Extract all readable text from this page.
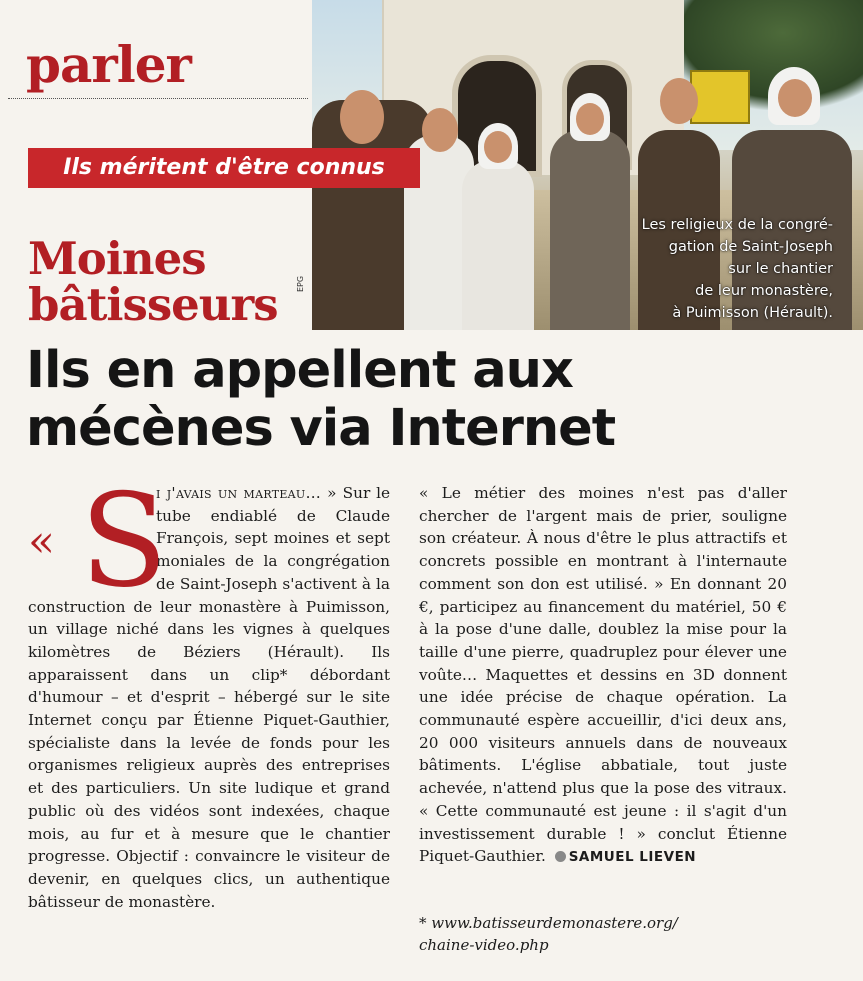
parler
Les religieux de la congré-
gation de Saint-Joseph
sur le chantier
de leur monastère,
à Puimisson (Hérault).
EPG
Ils méritent d'être connus
Moines
bâtisseurs
Ils en appellent aux
mécènes via Internet
« S

i j'avais un marteau… » Sur le tube endiablé de Claude François, sept moines et sept moniales de la congrégation de Saint-Joseph s'activent à la construction de leur monastère à Puimisson, un village niché dans les vignes à quelques kilomètres de Béziers (Hérault). Ils apparaissent dans un clip* débordant d'humour – et d'esprit – hébergé sur le site Internet conçu par Étienne Piquet-Gauthier, spécialiste dans la levée de fonds pour les organismes religieux auprès des entreprises et des particuliers. Un site ludique et grand public où des vidéos sont indexées, chaque mois, au fur et à mesure que le chantier progresse. Objectif : convaincre le visiteur de devenir, en quelques clics, un authentique bâtisseur de monastère.

« Le métier des moines n'est pas d'aller chercher de l'argent mais de prier, souligne son créateur. À nous d'être le plus attractifs et concrets possible en montrant à l'internaute comment son don est utilisé. » En donnant 20 €, participez au financement du matériel, 50 € à la pose d'une dalle, doublez la mise pour la taille d'une pierre, quadruplez pour élever une voûte… Maquettes et dessins en 3D donnent une idée précise de chaque opération. La communauté espère accueillir, d'ici deux ans, 20 000 visiteurs annuels dans de nouveaux bâtiments. L'église abbatiale, tout juste achevée, n'attend plus que la pose des vitraux. « Cette communauté est jeune : il s'agit d'un investissement durable ! » conclut Étienne Piquet-Gauthier. SAMUEL LIEVEN

* www.batisseurdemonastere.org/
chaine-video.php
